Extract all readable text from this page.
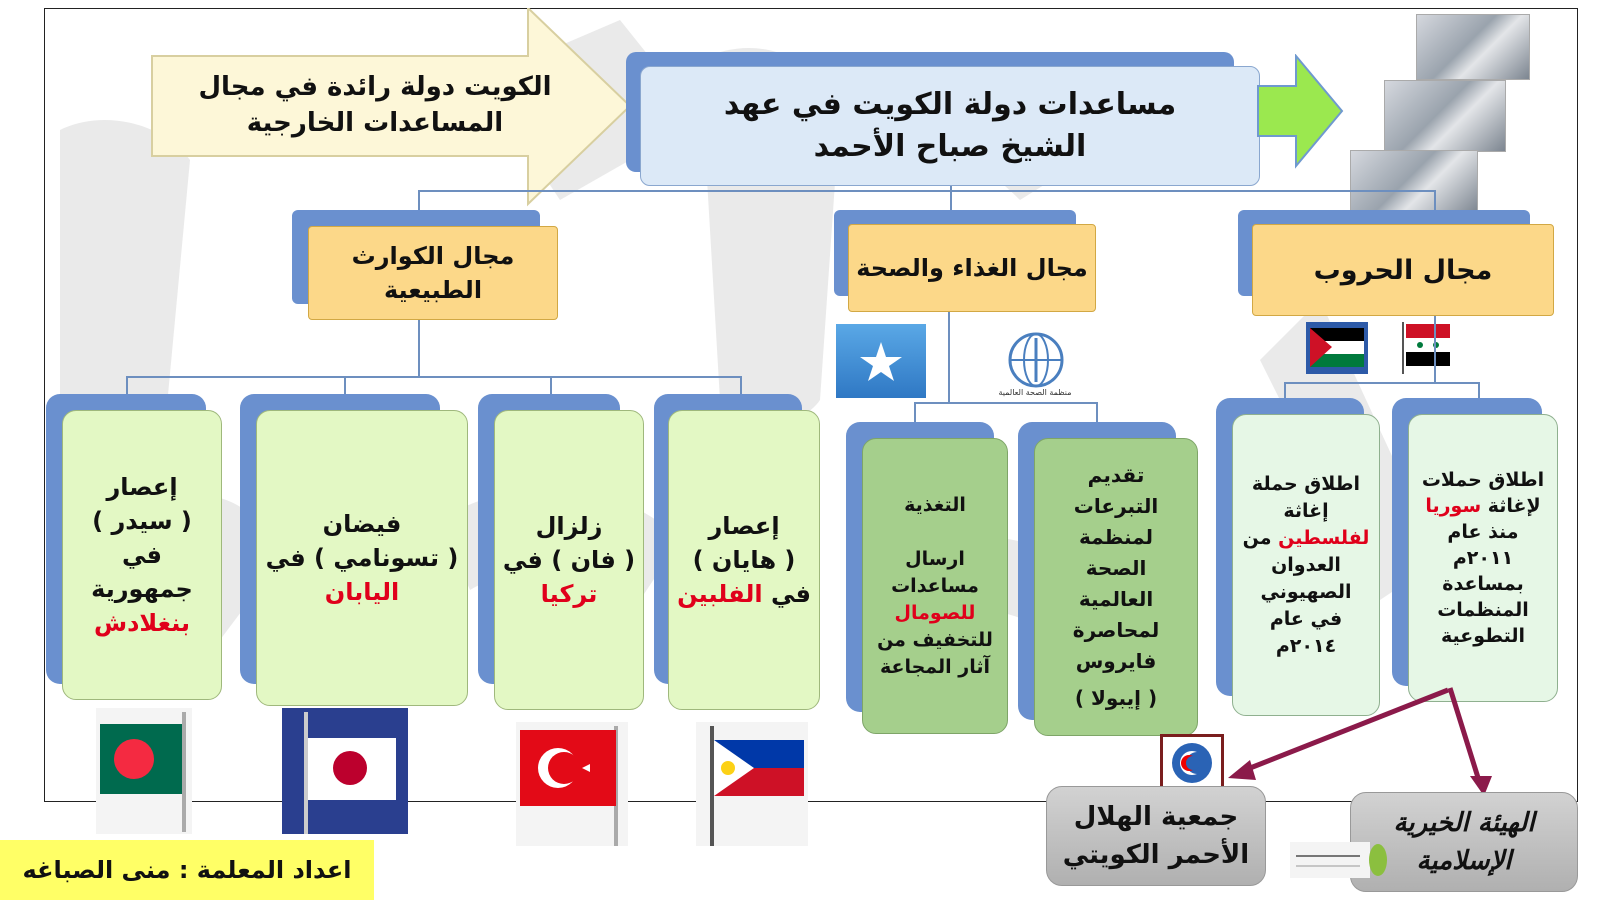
الكويت دولة رائدة في مجال المساعدات الخارجية
مساعدات دولة الكويت في عهد الشيخ صباح الأحمد
مجال الكوارث الطبيعية
مجال الغذاء والصحة	مجال الحروب
إعصار
( سيدر )
في
جمهورية
بنغلادش
فيضان
( تسونامي ) في
اليابان
زلزال
( فان ) في
تركيا
إعصار
( هايان )
في الفلبين
منظمة الصحة العالمية
التغذية

ارسال
مساعدات
للصومال
للتخفيف من
آثار المجاعة
تقديم
التبرعات
لمنظمة
الصحة
العالمية
لمحاصرة
فايروس
( إيبولا )
اطلاق حملة
إغاثة
لفلسطين من
العدوان
الصهيوني
في عام
٢٠١٤م
اطلاق حملات
لإغاثة سوريا
منذ عام
٢٠١١م
بمساعدة
المنظمات
التطوعية
جمعية الهلال الأحمر الكويتي
الهيئة الخيرية الإسلامية
اعداد المعلمة : منى الصباغه
